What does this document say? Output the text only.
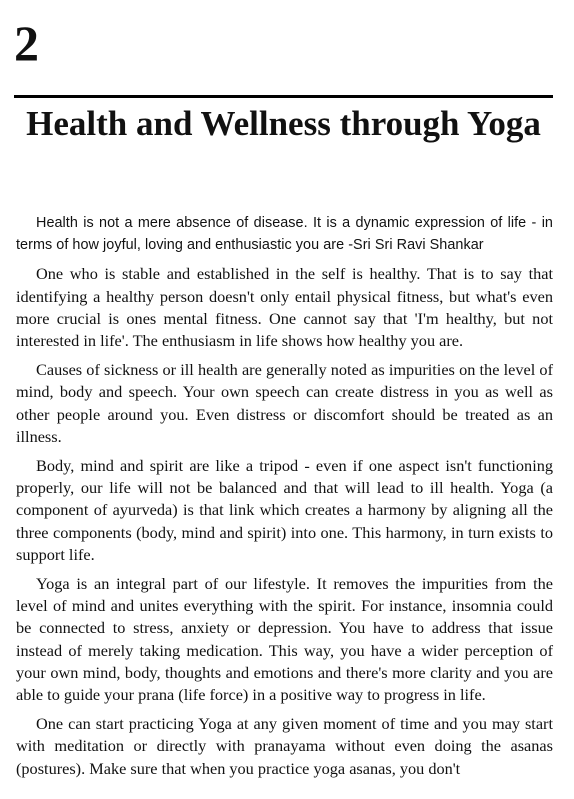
2
Health and Wellness through Yoga

Health is not a mere absence of disease. It is a dynamic expression of life - in terms of how joyful, loving and enthusiastic you are -Sri Sri Ravi Shankar

One who is stable and established in the self is healthy. That is to say that identifying a healthy person doesn't only entail physical fitness, but what's even more crucial is ones mental fitness. One cannot say that 'I'm healthy, but not interested in life'. The enthusiasm in life shows how healthy you are.

Causes of sickness or ill health are generally noted as impurities on the level of mind, body and speech. Your own speech can create distress in you as well as other people around you. Even distress or discomfort should be treated as an illness.

Body, mind and spirit are like a tripod - even if one aspect isn't functioning properly, our life will not be balanced and that will lead to ill health. Yoga (a component of ayurveda) is that link which creates a harmony by aligning all the three components (body, mind and spirit) into one. This harmony, in turn exists to support life.

Yoga is an integral part of our lifestyle. It removes the impurities from the level of mind and unites everything with the spirit. For instance, insomnia could be connected to stress, anxiety or depression. You have to address that issue instead of merely taking medication. This way, you have a wider perception of your own mind, body, thoughts and emotions and there's more clarity and you are able to guide your prana (life force) in a positive way to progress in life.

One can start practicing Yoga at any given moment of time and you may start with meditation or directly with pranayama without even doing the asanas (postures). Make sure that when you practice yoga asanas, you don't
